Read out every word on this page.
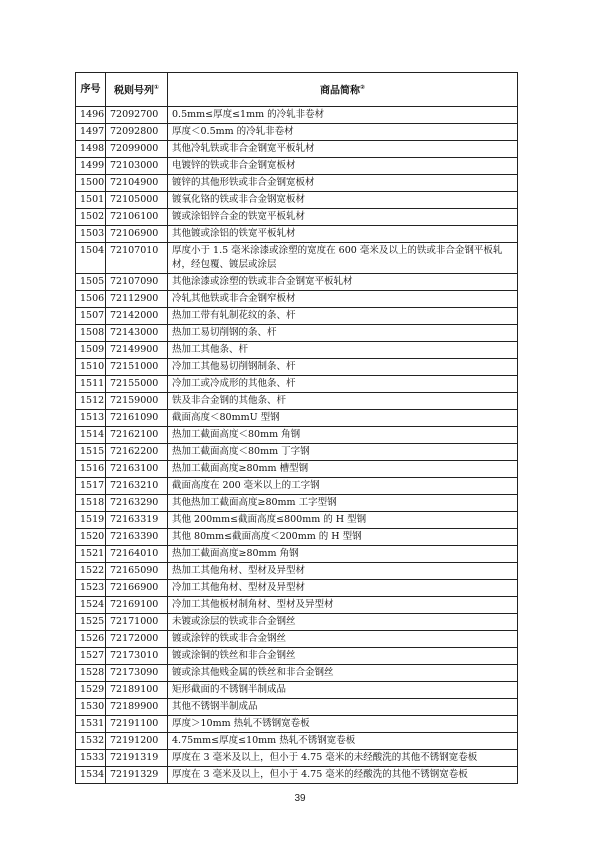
序号	税则号列①	商品简称②
1496	72092700	0.5mm≤厚度≤1mm 的冷轧非卷材
1497	72092800	厚度＜0.5mm 的冷轧非卷材
1498	72099000	其他冷轧铁或非合金钢宽平板轧材
1499	72103000	电镀锌的铁或非合金钢宽板材
1500	72104900	镀锌的其他形铁或非合金钢宽板材
1501	72105000	镀氧化铬的铁或非合金钢宽板材
1502	72106100	镀或涂铝锌合金的铁宽平板轧材
1503	72106900	其他镀或涂铝的铁宽平板轧材
1504	72107010	厚度小于 1.5 毫米涂漆或涂塑的宽度在 600 毫米及以上的铁或非合金钢平板轧材，经包覆、镀层或涂层
1505	72107090	其他涂漆或涂塑的铁或非合金钢宽平板轧材
1506	72112900	冷轧其他铁或非合金钢窄板材
1507	72142000	热加工带有轧制花纹的条、杆
1508	72143000	热加工易切削钢的条、杆
1509	72149900	热加工其他条、杆
1510	72151000	冷加工其他易切削钢制条、杆
1511	72155000	冷加工或冷成形的其他条、杆
1512	72159000	铁及非合金钢的其他条、杆
1513	72161090	截面高度＜80mmU 型钢
1514	72162100	热加工截面高度＜80mm 角钢
1515	72162200	热加工截面高度＜80mm 丁字钢
1516	72163100	热加工截面高度≥80mm 槽型钢
1517	72163210	截面高度在 200 毫米以上的工字钢
1518	72163290	其他热加工截面高度≥80mm 工字型钢
1519	72163319	其他 200mm≤截面高度≤800mm 的 H 型钢
1520	72163390	其他 80mm≤截面高度＜200mm 的 H 型钢
1521	72164010	热加工截面高度≥80mm 角钢
1522	72165090	热加工其他角材、型材及异型材
1523	72166900	冷加工其他角材、型材及异型材
1524	72169100	冷加工其他板材制角材、型材及异型材
1525	72171000	未镀或涂层的铁或非合金钢丝
1526	72172000	镀或涂锌的铁或非合金钢丝
1527	72173010	镀或涂铜的铁丝和非合金钢丝
1528	72173090	镀或涂其他贱金属的铁丝和非合金钢丝
1529	72189100	矩形截面的不锈钢半制成品
1530	72189900	其他不锈钢半制成品
1531	72191100	厚度＞10mm 热轧不锈钢宽卷板
1532	72191200	4.75mm≤厚度≤10mm 热轧不锈钢宽卷板
1533	72191319	厚度在 3 毫米及以上，但小于 4.75 毫米的未经酸洗的其他不锈钢宽卷板
1534	72191329	厚度在 3 毫米及以上，但小于 4.75 毫米的经酸洗的其他不锈钢宽卷板
39
